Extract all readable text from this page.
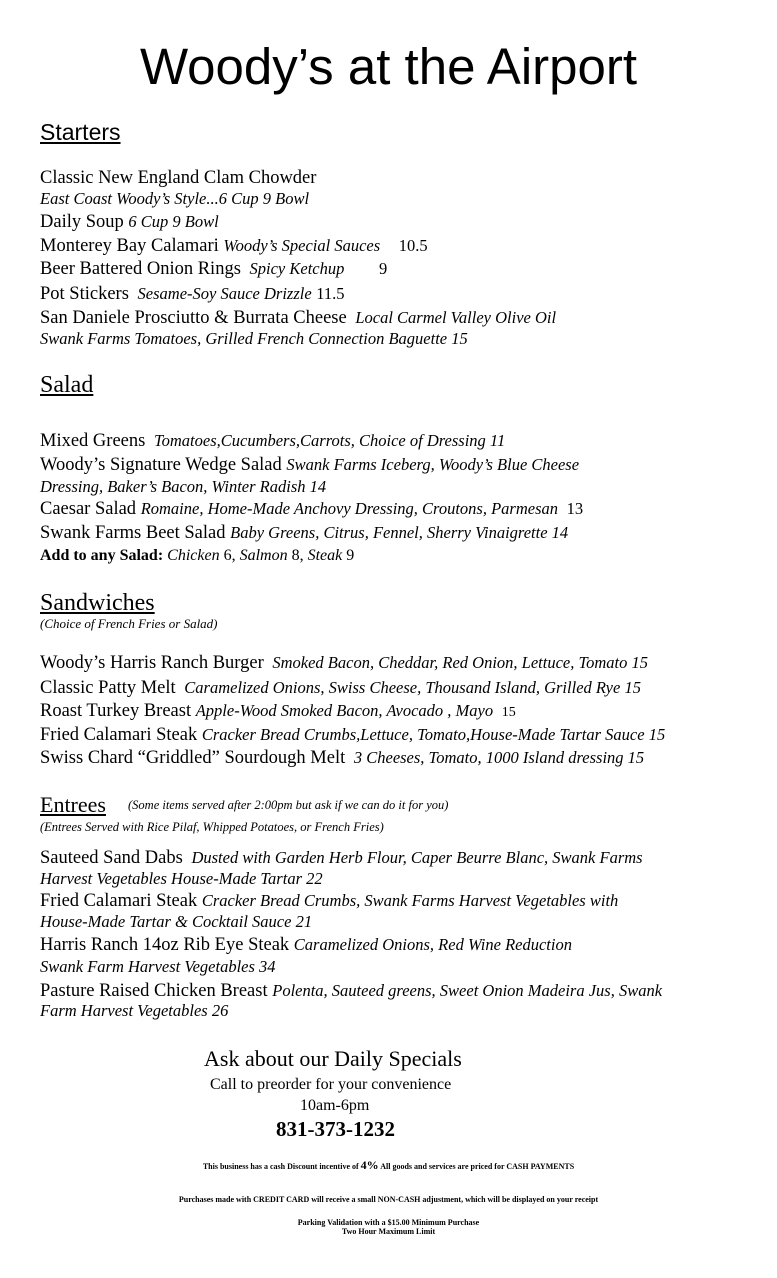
Woody’s at the Airport
Starters
Classic New England Clam Chowder
East Coast Woody’s Style...6 Cup 9 Bowl
Daily Soup 6 Cup 9 Bowl
Monterey Bay Calamari Woody’s Special Sauces 10.5
Beer Battered Onion Rings Spicy Ketchup 9
Pot Stickers Sesame-Soy Sauce Drizzle 11.5
San Daniele Prosciutto & Burrata Cheese Local Carmel Valley Olive Oil
Swank Farms Tomatoes, Grilled French Connection Baguette 15
Salad
Mixed Greens Tomatoes,Cucumbers,Carrots, Choice of Dressing 11
Woody’s Signature Wedge Salad Swank Farms Iceberg, Woody’s Blue Cheese
Dressing, Baker’s Bacon, Winter Radish 14
Caesar Salad Romaine, Home-Made Anchovy Dressing, Croutons, Parmesan 13
Swank Farms Beet Salad Baby Greens, Citrus, Fennel, Sherry Vinaigrette 14
Add to any Salad: Chicken 6, Salmon 8, Steak 9
Sandwiches
(Choice of French Fries or Salad)
Woody’s Harris Ranch Burger Smoked Bacon, Cheddar, Red Onion, Lettuce, Tomato 15
Classic Patty Melt Caramelized Onions, Swiss Cheese, Thousand Island, Grilled Rye 15
Roast Turkey Breast Apple-Wood Smoked Bacon, Avocado , Mayo 15
Fried Calamari Steak Cracker Bread Crumbs,Lettuce, Tomato,House-Made Tartar Sauce 15
Swiss Chard “Griddled” Sourdough Melt 3 Cheeses, Tomato, 1000 Island dressing 15
Entrees (Some items served after 2:00pm but ask if we can do it for you)
(Entrees Served with Rice Pilaf, Whipped Potatoes, or French Fries)
Sauteed Sand Dabs Dusted with Garden Herb Flour, Caper Beurre Blanc, Swank Farms
Harvest Vegetables House-Made Tartar 22
Fried Calamari Steak Cracker Bread Crumbs, Swank Farms Harvest Vegetables with
House-Made Tartar & Cocktail Sauce 21
Harris Ranch 14oz Rib Eye Steak Caramelized Onions, Red Wine Reduction
Swank Farm Harvest Vegetables 34
Pasture Raised Chicken Breast Polenta, Sauteed greens, Sweet Onion Madeira Jus, Swank
Farm Harvest Vegetables 26
Ask about our Daily Specials
Call to preorder for your convenience
10am-6pm
831-373-1232
This business has a cash Discount incentive of 4% All goods and services are priced for CASH PAYMENTS
Purchases made with CREDIT CARD will receive a small NON-CASH adjustment, which will be displayed on your receipt
Parking Validation with a $15.00 Minimum Purchase
Two Hour Maximum Limit
